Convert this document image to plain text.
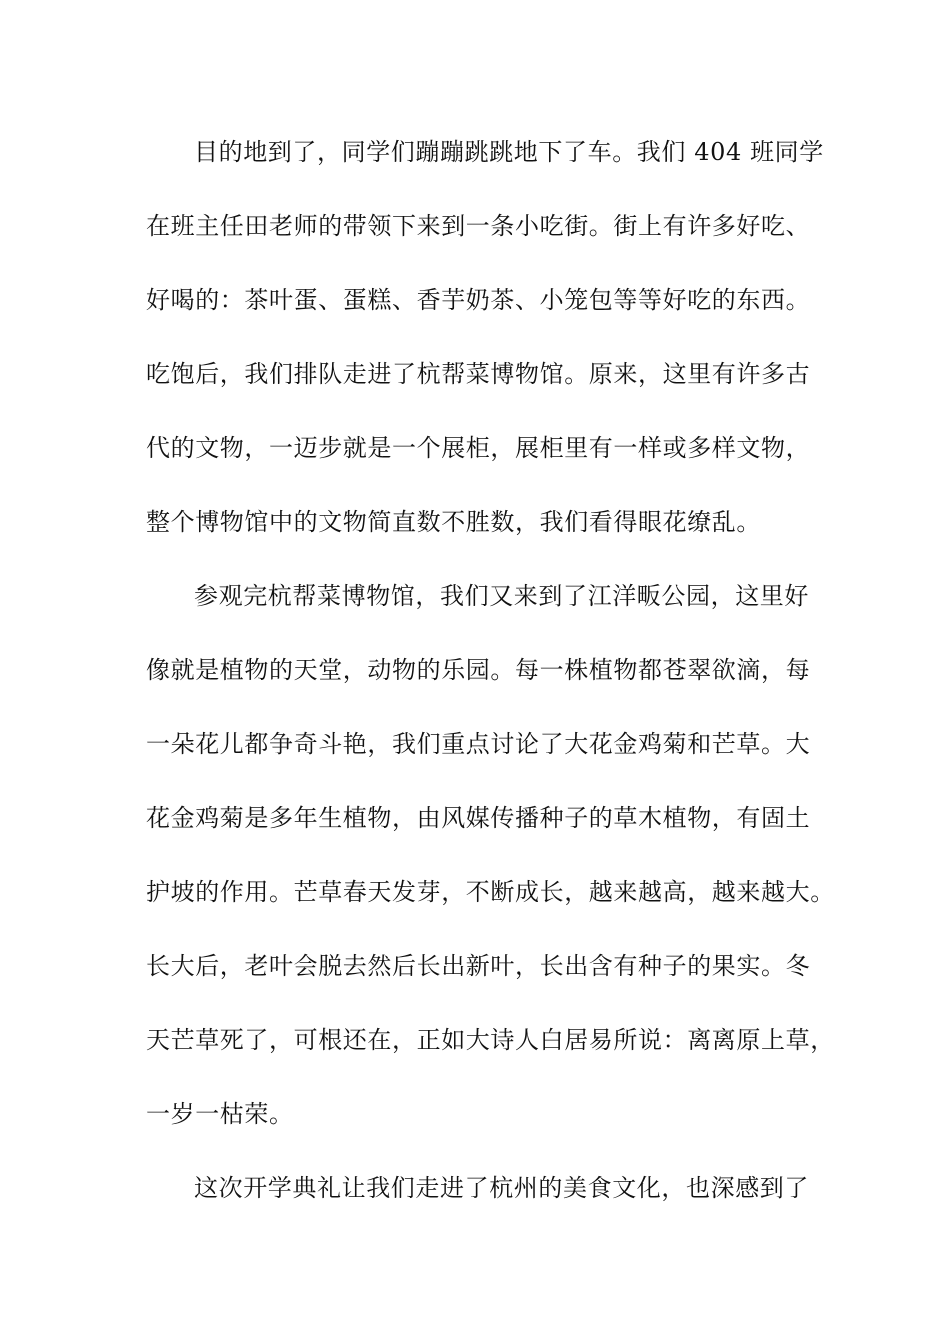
目的地到了，同学们蹦蹦跳跳地下了车。我们 404 班同学
在班主任田老师的带领下来到一条小吃街。街上有许多好吃、
好喝的：茶叶蛋、蛋糕、香芋奶茶、小笼包等等好吃的东西。
吃饱后，我们排队走进了杭帮菜博物馆。原来，这里有许多古
代的文物，一迈步就是一个展柜，展柜里有一样或多样文物，
整个博物馆中的文物简直数不胜数，我们看得眼花缭乱。
参观完杭帮菜博物馆，我们又来到了江洋畈公园，这里好
像就是植物的天堂，动物的乐园。每一株植物都苍翠欲滴，每
一朵花儿都争奇斗艳，我们重点讨论了大花金鸡菊和芒草。大
花金鸡菊是多年生植物，由风媒传播种子的草木植物，有固土
护坡的作用。芒草春天发芽，不断成长，越来越高，越来越大。
长大后，老叶会脱去然后长出新叶，长出含有种子的果实。冬
天芒草死了，可根还在，正如大诗人白居易所说：离离原上草，
一岁一枯荣。
这次开学典礼让我们走进了杭州的美食文化，也深感到了
